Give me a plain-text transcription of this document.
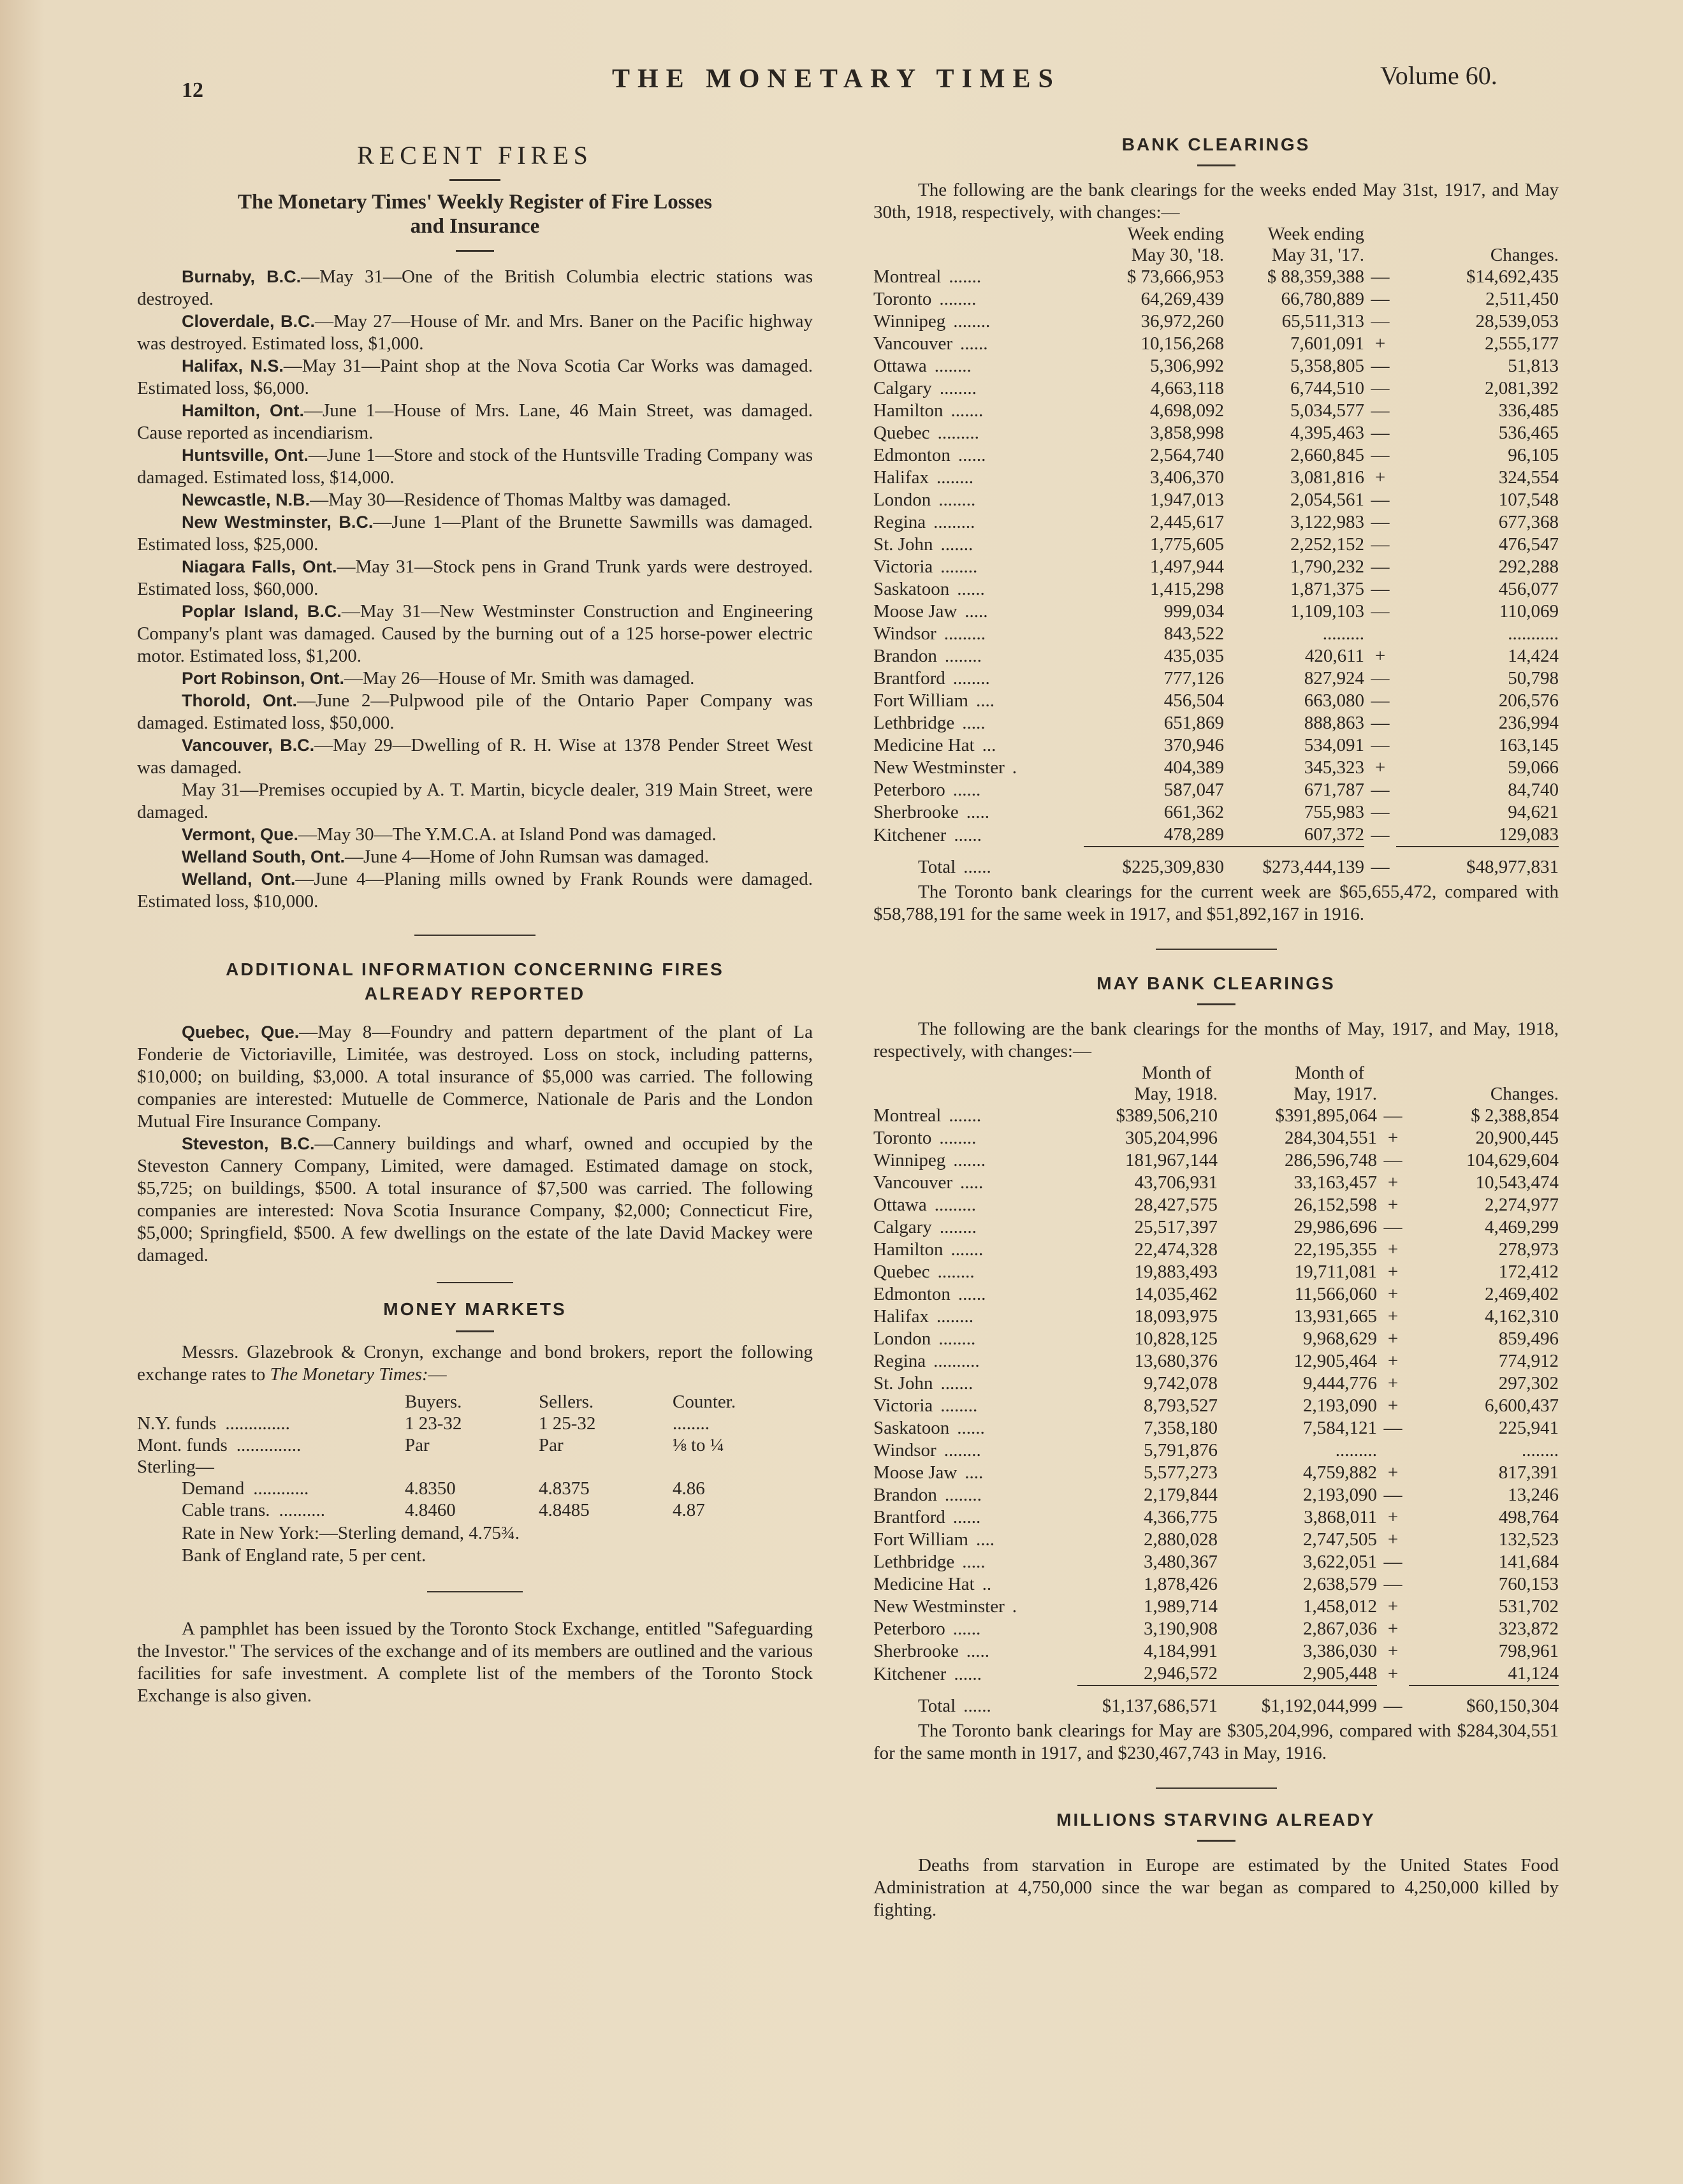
12	THE MONETARY TIMES	Volume 60.
RECENT FIRES
The Monetary Times' Weekly Register of Fire Losses
and Insurance

Burnaby, B.C.—May 31—One of the British Columbia electric stations was destroyed.

Cloverdale, B.C.—May 27—House of Mr. and Mrs. Baner on the Pacific highway was destroyed. Estimated loss, $1,000.

Halifax, N.S.—May 31—Paint shop at the Nova Scotia Car Works was damaged. Estimated loss, $6,000.

Hamilton, Ont.—June 1—House of Mrs. Lane, 46 Main Street, was damaged. Cause reported as incendiarism.

Huntsville, Ont.—June 1—Store and stock of the Huntsville Trading Company was damaged. Estimated loss, $14,000.

Newcastle, N.B.—May 30—Residence of Thomas Maltby was damaged.

New Westminster, B.C.—June 1—Plant of the Brunette Sawmills was damaged. Estimated loss, $25,000.

Niagara Falls, Ont.—May 31—Stock pens in Grand Trunk yards were destroyed. Estimated loss, $60,000.

Poplar Island, B.C.—May 31—New Westminster Construction and Engineering Company's plant was damaged. Caused by the burning out of a 125 horse-power electric motor. Estimated loss, $1,200.

Port Robinson, Ont.—May 26—House of Mr. Smith was damaged.

Thorold, Ont.—June 2—Pulpwood pile of the Ontario Paper Company was damaged. Estimated loss, $50,000.

Vancouver, B.C.—May 29—Dwelling of R. H. Wise at 1378 Pender Street West was damaged.

May 31—Premises occupied by A. T. Martin, bicycle dealer, 319 Main Street, were damaged.

Vermont, Que.—May 30—The Y.M.C.A. at Island Pond was damaged.

Welland South, Ont.—June 4—Home of John Rumsan was damaged.

Welland, Ont.—June 4—Planing mills owned by Frank Rounds were damaged. Estimated loss, $10,000.

ADDITIONAL INFORMATION CONCERNING FIRES
ALREADY REPORTED

Quebec, Que.—May 8—Foundry and pattern department of the plant of La Fonderie de Victoriaville, Limitée, was destroyed. Loss on stock, including patterns, $10,000; on building, $3,000. A total insurance of $5,000 was carried. The following companies are interested: Mutuelle de Commerce, Nationale de Paris and the London Mutual Fire Insurance Company.

Steveston, B.C.—Cannery buildings and wharf, owned and occupied by the Steveston Cannery Company, Limited, were damaged. Estimated damage on stock, $5,725; on buildings, $500. A total insurance of $7,500 was carried. The following companies are interested: Nova Scotia Insurance Company, $2,000; Connecticut Fire, $5,000; Springfield, $500. A few dwellings on the estate of the late David Mackey were damaged.

MONEY MARKETS

Messrs. Glazebrook & Cronyn, exchange and bond brokers, report the following exchange rates to The Monetary Times:—

	Buyers.	Sellers.	Counter.
N.Y. funds ..............	1 23-32	1 25-32	........
Mont. funds ..............	Par	Par	⅛ to ¼
Sterling—			
Demand ............	4.8350	4.8375	4.86
Cable trans. ..........	4.8460	4.8485	4.87

Rate in New York:—Sterling demand, 4.75¾.

Bank of England rate, 5 per cent.

A pamphlet has been issued by the Toronto Stock Exchange, entitled "Safeguarding the Investor." The services of the exchange and of its members are outlined and the various facilities for safe investment. A complete list of the members of the Toronto Stock Exchange is also given.

BANK CLEARINGS

The following are the bank clearings for the weeks ended May 31st, 1917, and May 30th, 1918, respectively, with changes:—

	Week ending	Week ending		
	May 30, '18.	May 31, '17.		Changes.
Montreal .......	$ 73,666,953	$ 88,359,388	—	$14,692,435
Toronto ........	64,269,439	66,780,889	—	2,511,450
Winnipeg ........	36,972,260	65,511,313	—	28,539,053
Vancouver ......	10,156,268	7,601,091	+	2,555,177
Ottawa ........	5,306,992	5,358,805	—	51,813
Calgary ........	4,663,118	6,744,510	—	2,081,392
Hamilton .......	4,698,092	5,034,577	—	336,485
Quebec .........	3,858,998	4,395,463	—	536,465
Edmonton ......	2,564,740	2,660,845	—	96,105
Halifax ........	3,406,370	3,081,816	+	324,554
London ........	1,947,013	2,054,561	—	107,548
Regina .........	2,445,617	3,122,983	—	677,368
St. John .......	1,775,605	2,252,152	—	476,547
Victoria ........	1,497,944	1,790,232	—	292,288
Saskatoon ......	1,415,298	1,871,375	—	456,077
Moose Jaw .....	999,034	1,109,103	—	110,069
Windsor .........	843,522	.........		...........
Brandon ........	435,035	420,611	+	14,424
Brantford ........	777,126	827,924	—	50,798
Fort William ....	456,504	663,080	—	206,576
Lethbridge .....	651,869	888,863	—	236,994
Medicine Hat ...	370,946	534,091	—	163,145
New Westminster .	404,389	345,323	+	59,066
Peterboro ......	587,047	671,787	—	84,740
Sherbrooke .....	661,362	755,983	—	94,621
Kitchener ......	478,289	607,372	—	129,083

Total ......	$225,309,830	$273,444,139	—	$48,977,831

The Toronto bank clearings for the current week are $65,655,472, compared with $58,788,191 for the same week in 1917, and $51,892,167 in 1916.

MAY BANK CLEARINGS

The following are the bank clearings for the months of May, 1917, and May, 1918, respectively, with changes:—

	Month of	Month of		
	May, 1918.	May, 1917.		Changes.
Montreal .......	$389,506,210	$391,895,064	—	$ 2,388,854
Toronto ........	305,204,996	284,304,551	+	20,900,445
Winnipeg .......	181,967,144	286,596,748	—	104,629,604
Vancouver .....	43,706,931	33,163,457	+	10,543,474
Ottawa .........	28,427,575	26,152,598	+	2,274,977
Calgary ........	25,517,397	29,986,696	—	4,469,299
Hamilton .......	22,474,328	22,195,355	+	278,973
Quebec ........	19,883,493	19,711,081	+	172,412
Edmonton ......	14,035,462	11,566,060	+	2,469,402
Halifax ........	18,093,975	13,931,665	+	4,162,310
London ........	10,828,125	9,968,629	+	859,496
Regina ..........	13,680,376	12,905,464	+	774,912
St. John .......	9,742,078	9,444,776	+	297,302
Victoria ........	8,793,527	2,193,090	+	6,600,437
Saskatoon ......	7,358,180	7,584,121	—	225,941
Windsor ........	5,791,876	.........		........
Moose Jaw ....	5,577,273	4,759,882	+	817,391
Brandon ........	2,179,844	2,193,090	—	13,246
Brantford ......	4,366,775	3,868,011	+	498,764
Fort William ....	2,880,028	2,747,505	+	132,523
Lethbridge .....	3,480,367	3,622,051	—	141,684
Medicine Hat ..	1,878,426	2,638,579	—	760,153
New Westminster .	1,989,714	1,458,012	+	531,702
Peterboro ......	3,190,908	2,867,036	+	323,872
Sherbrooke .....	4,184,991	3,386,030	+	798,961
Kitchener ......	2,946,572	2,905,448	+	41,124

Total ......	$1,137,686,571	$1,192,044,999	—	$60,150,304

The Toronto bank clearings for May are $305,204,996, compared with $284,304,551 for the same month in 1917, and $230,467,743 in May, 1916.

MILLIONS STARVING ALREADY

Deaths from starvation in Europe are estimated by the United States Food Administration at 4,750,000 since the war began as compared to 4,250,000 killed by fighting.
